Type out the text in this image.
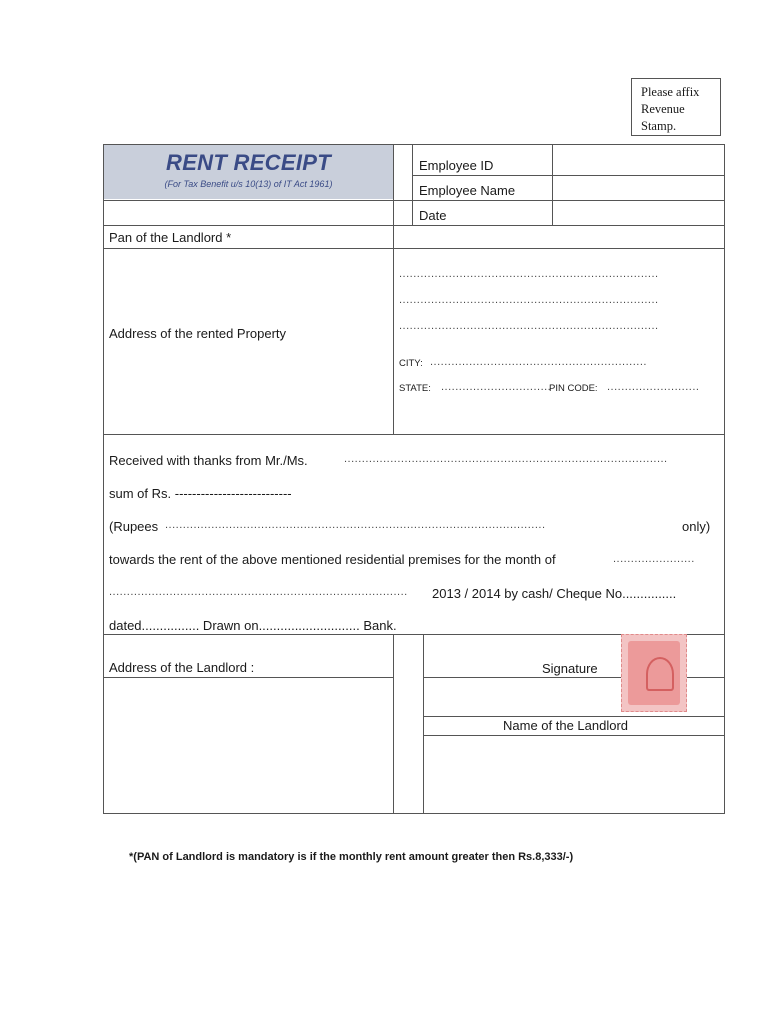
Please affix
Revenue
Stamp.
RENT RECEIPT
(For Tax Benefit u/s 10(13) of IT Act 1961)
Employee ID
Employee Name
Date
Pan of the Landlord *
Address of the rented Property
.........................................................................
.........................................................................
.........................................................................
CITY: .............................................................
STATE: ...............................
PIN CODE: ..........................
Received with thanks from Mr./Ms.	...........................................................................................
sum of Rs. ---------------------------
(Rupees ...........................................................................................................	only)
towards the rent of the above mentioned residential premises for the month of	.......................
.................................................................................... 2013 / 2014 by cash/ Cheque No...............
dated................ Drawn on............................ Bank.
Address of the Landlord :	Signature
Name of the Landlord
*(PAN of Landlord is mandatory is if the monthly rent amount greater then Rs.8,333/-)
